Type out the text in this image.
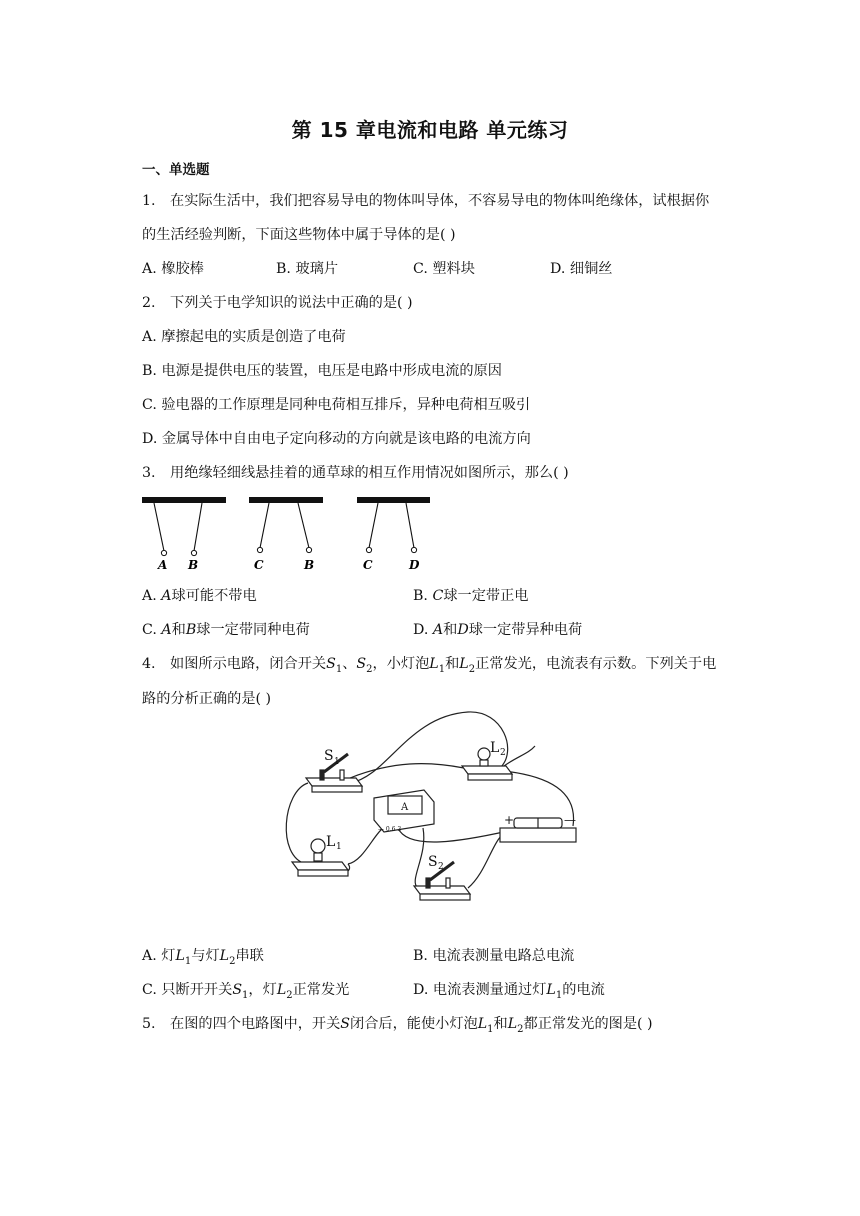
第 15 章电流和电路 单元练习
一、单选题
1. 在实际生活中，我们把容易导电的物体叫导体，不容易导电的物体叫绝缘体，试根据你
的生活经验判断，下面这些物体中属于导体的是( )
A. 橡胶棒	B. 玻璃片	C. 塑料块	D. 细铜丝
2. 下列关于电学知识的说法中正确的是( )
A. 摩擦起电的实质是创造了电荷
B. 电源是提供电压的装置，电压是电路中形成电流的原因
C. 验电器的工作原理是同种电荷相互排斥，异种电荷相互吸引
D. 金属导体中自由电子定向移动的方向就是该电路的电流方向
3. 用绝缘轻细线悬挂着的通草球的相互作用情况如图所示，那么( )
A B	C	B	C	D
A. A球可能不带电	B. C球一定带正电
C. A和B球一定带同种电荷	D. A和D球一定带异种电荷
4. 如图所示电路，闭合开关$S_1$、$S_2$，小灯泡$L_1$和$L_2$正常发光，电流表有示数。下列关于电
路的分析正确的是( )
S 1
L 2
A
— 0.6 3
+	—
L 1
S 2
A. 灯$L_1$与灯$L_2$串联	B. 电流表测量电路总电流
C. 只断开开关$S_1$，灯$L_2$正常发光	D. 电流表测量通过灯$L_1$的电流
5. 在图的四个电路图中，开关S闭合后，能使小灯泡$L_1$和$L_2$都正常发光的图是( )
